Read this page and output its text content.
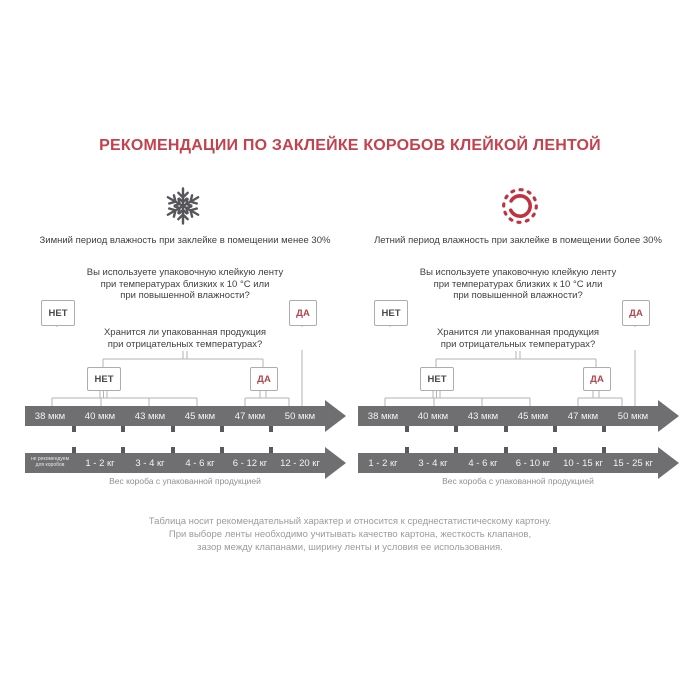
РЕКОМЕНДАЦИИ ПО ЗАКЛЕЙКЕ КОРОБОВ КЛЕЙКОЙ ЛЕНТОЙ
Зимний период влажность при заклейке в помещении менее 30%	Летний период влажность при заклейке в помещении более 30%
Вы используете упаковочную клейкую ленту
при температурах близких к 10 °С или
при повышенной влажности?
НЕТ	ДА
Хранится ли упакованная продукция
при отрицательных температурах?
НЕТ	ДА
38 мкм	40 мкм	43 мкм	45 мкм	47 мкм	50 мкм
не рекомендуем
для коробов	1 - 2 кг	3 - 4 кг	4 - 6 кг	6 - 12 кг	12 - 20 кг
Вес короба с упакованной продукцией
Вы используете упаковочную клейкую ленту
при температурах близких к 10 °С или
при повышенной влажности?
НЕТ	ДА
Хранится ли упакованная продукция
при отрицательных температурах?
НЕТ	ДА
38 мкм	40 мкм	43 мкм	45 мкм	47 мкм	50 мкм
1 - 2 кг	3 - 4 кг	4 - 6 кг	6 - 10 кг	10 - 15 кг	15 - 25 кг
Вес короба с упакованной продукцией
Таблица носит рекомендательный характер и относится к среднестатистическому картону.
При выборе ленты необходимо учитывать качество картона, жесткость клапанов,
зазор между клапанами, ширину ленты и условия ее использования.
